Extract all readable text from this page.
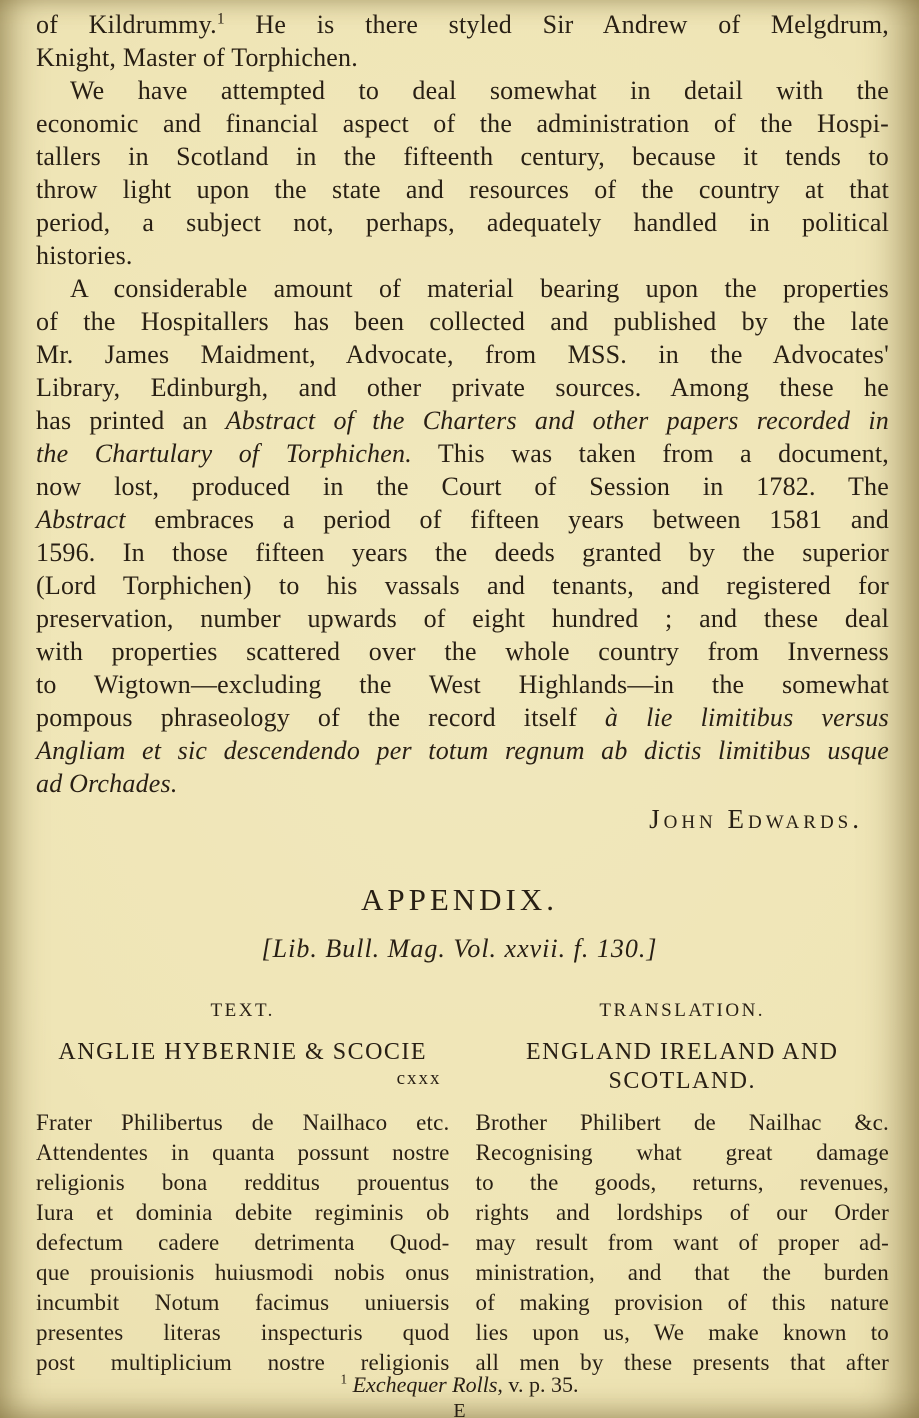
of Kildrummy.$^1$ He is there styled Sir Andrew of Melgdrum,
Knight, Master of Torphichen.
We have attempted to deal somewhat in detail with the
economic and financial aspect of the administration of the Hospi-
tallers in Scotland in the fifteenth century, because it tends to
throw light upon the state and resources of the country at that
period, a subject not, perhaps, adequately handled in political
histories.
A considerable amount of material bearing upon the properties
of the Hospitallers has been collected and published by the late
Mr. James Maidment, Advocate, from MSS. in the Advocates'
Library, Edinburgh, and other private sources. Among these he
has printed an Abstract of the Charters and other papers recorded in
the Chartulary of Torphichen. This was taken from a document,
now lost, produced in the Court of Session in 1782. The
Abstract embraces a period of fifteen years between 1581 and
1596. In those fifteen years the deeds granted by the superior
(Lord Torphichen) to his vassals and tenants, and registered for
preservation, number upwards of eight hundred ; and these deal
with properties scattered over the whole country from Inverness
to Wigtown—excluding the West Highlands—in the somewhat
pompous phraseology of the record itself à lie limitibus versus
Angliam et sic descendendo per totum regnum ab dictis limitibus usque
ad Orchades.
John Edwards.
APPENDIX.
[Lib. Bull. Mag. Vol. xxvii. f. 130.]
TEXT.	TRANSLATION.
ANGLIE HYBERNIE & SCOCIE
cxxx
Frater Philibertus de Nailhaco etc.
Attendentes in quanta possunt nostre
religionis bona redditus prouentus
Iura et dominia debite regiminis ob
defectum cadere detrimenta Quod-
que prouisionis huiusmodi nobis onus
incumbit Notum facimus uniuersis
presentes literas inspecturis quod
post multiplicium nostre religionis
ENGLAND IRELAND AND
SCOTLAND.
Brother Philibert de Nailhac &c.
Recognising what great damage
to the goods, returns, revenues,
rights and lordships of our Order
may result from want of proper ad-
ministration, and that the burden
of making provision of this nature
lies upon us, We make known to
all men by these presents that after
$^1$ Exchequer Rolls, v. p. 35.
E
